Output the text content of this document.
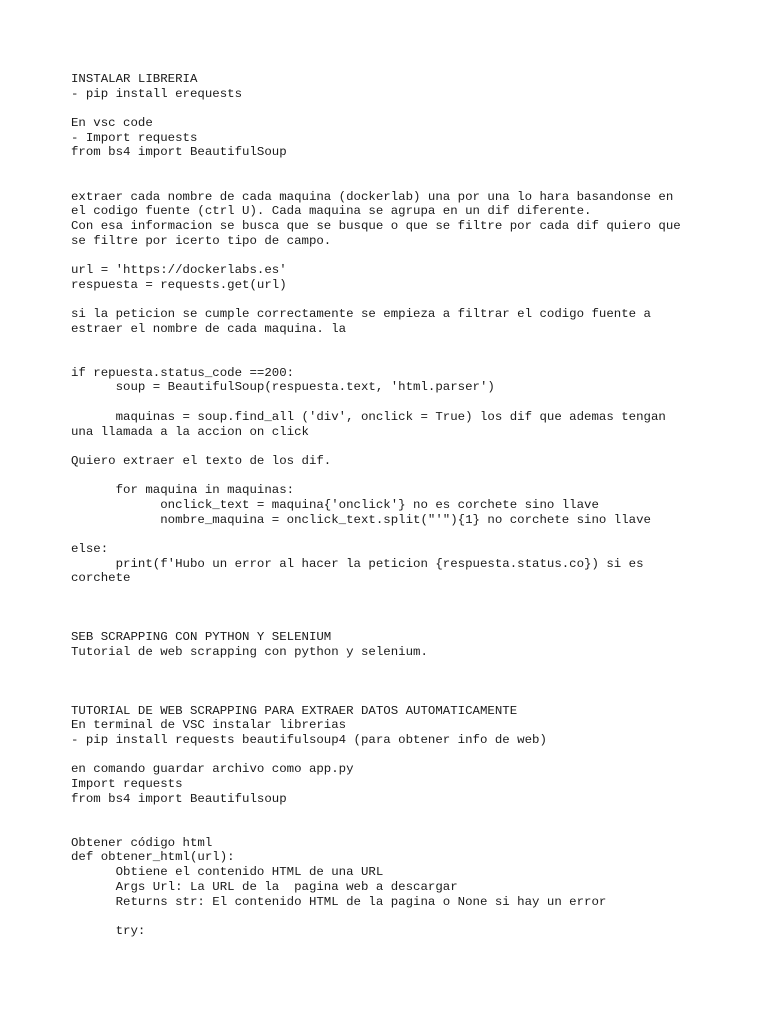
INSTALAR LIBRERIA
- pip install erequests
En vsc code
- Import requests
from bs4 import BeautifulSoup
extraer cada nombre de cada maquina (dockerlab) una por una lo hara basandonse en
el codigo fuente (ctrl U). Cada maquina se agrupa en un dif diferente.
Con esa informacion se busca que se busque o que se filtre por cada dif quiero que
se filtre por icerto tipo de campo.
url = 'https://dockerlabs.es'
respuesta = requests.get(url)
si la peticion se cumple correctamente se empieza a filtrar el codigo fuente a
estraer el nombre de cada maquina. la
if repuesta.status_code ==200:
soup = BeautifulSoup(respuesta.text, 'html.parser')
maquinas = soup.find_all ('div', onclick = True) los dif que ademas tengan
una llamada a la accion on click
Quiero extraer el texto de los dif.
for maquina in maquinas:
onclick_text = maquina{'onclick'} no es corchete sino llave
nombre_maquina = onclick_text.split("'"){1} no corchete sino llave
else:
print(f'Hubo un error al hacer la peticion {respuesta.status.co}) si es
corchete
SEB SCRAPPING CON PYTHON Y SELENIUM
Tutorial de web scrapping con python y selenium.
TUTORIAL DE WEB SCRAPPING PARA EXTRAER DATOS AUTOMATICAMENTE
En terminal de VSC instalar librerias
- pip install requests beautifulsoup4 (para obtener info de web)
en comando guardar archivo como app.py
Import requests
from bs4 import Beautifulsoup
Obtener código html
def obtener_html(url):
Obtiene el contenido HTML de una URL
Args Url: La URL de la  pagina web a descargar
Returns str: El contenido HTML de la pagina o None si hay un error
try:
